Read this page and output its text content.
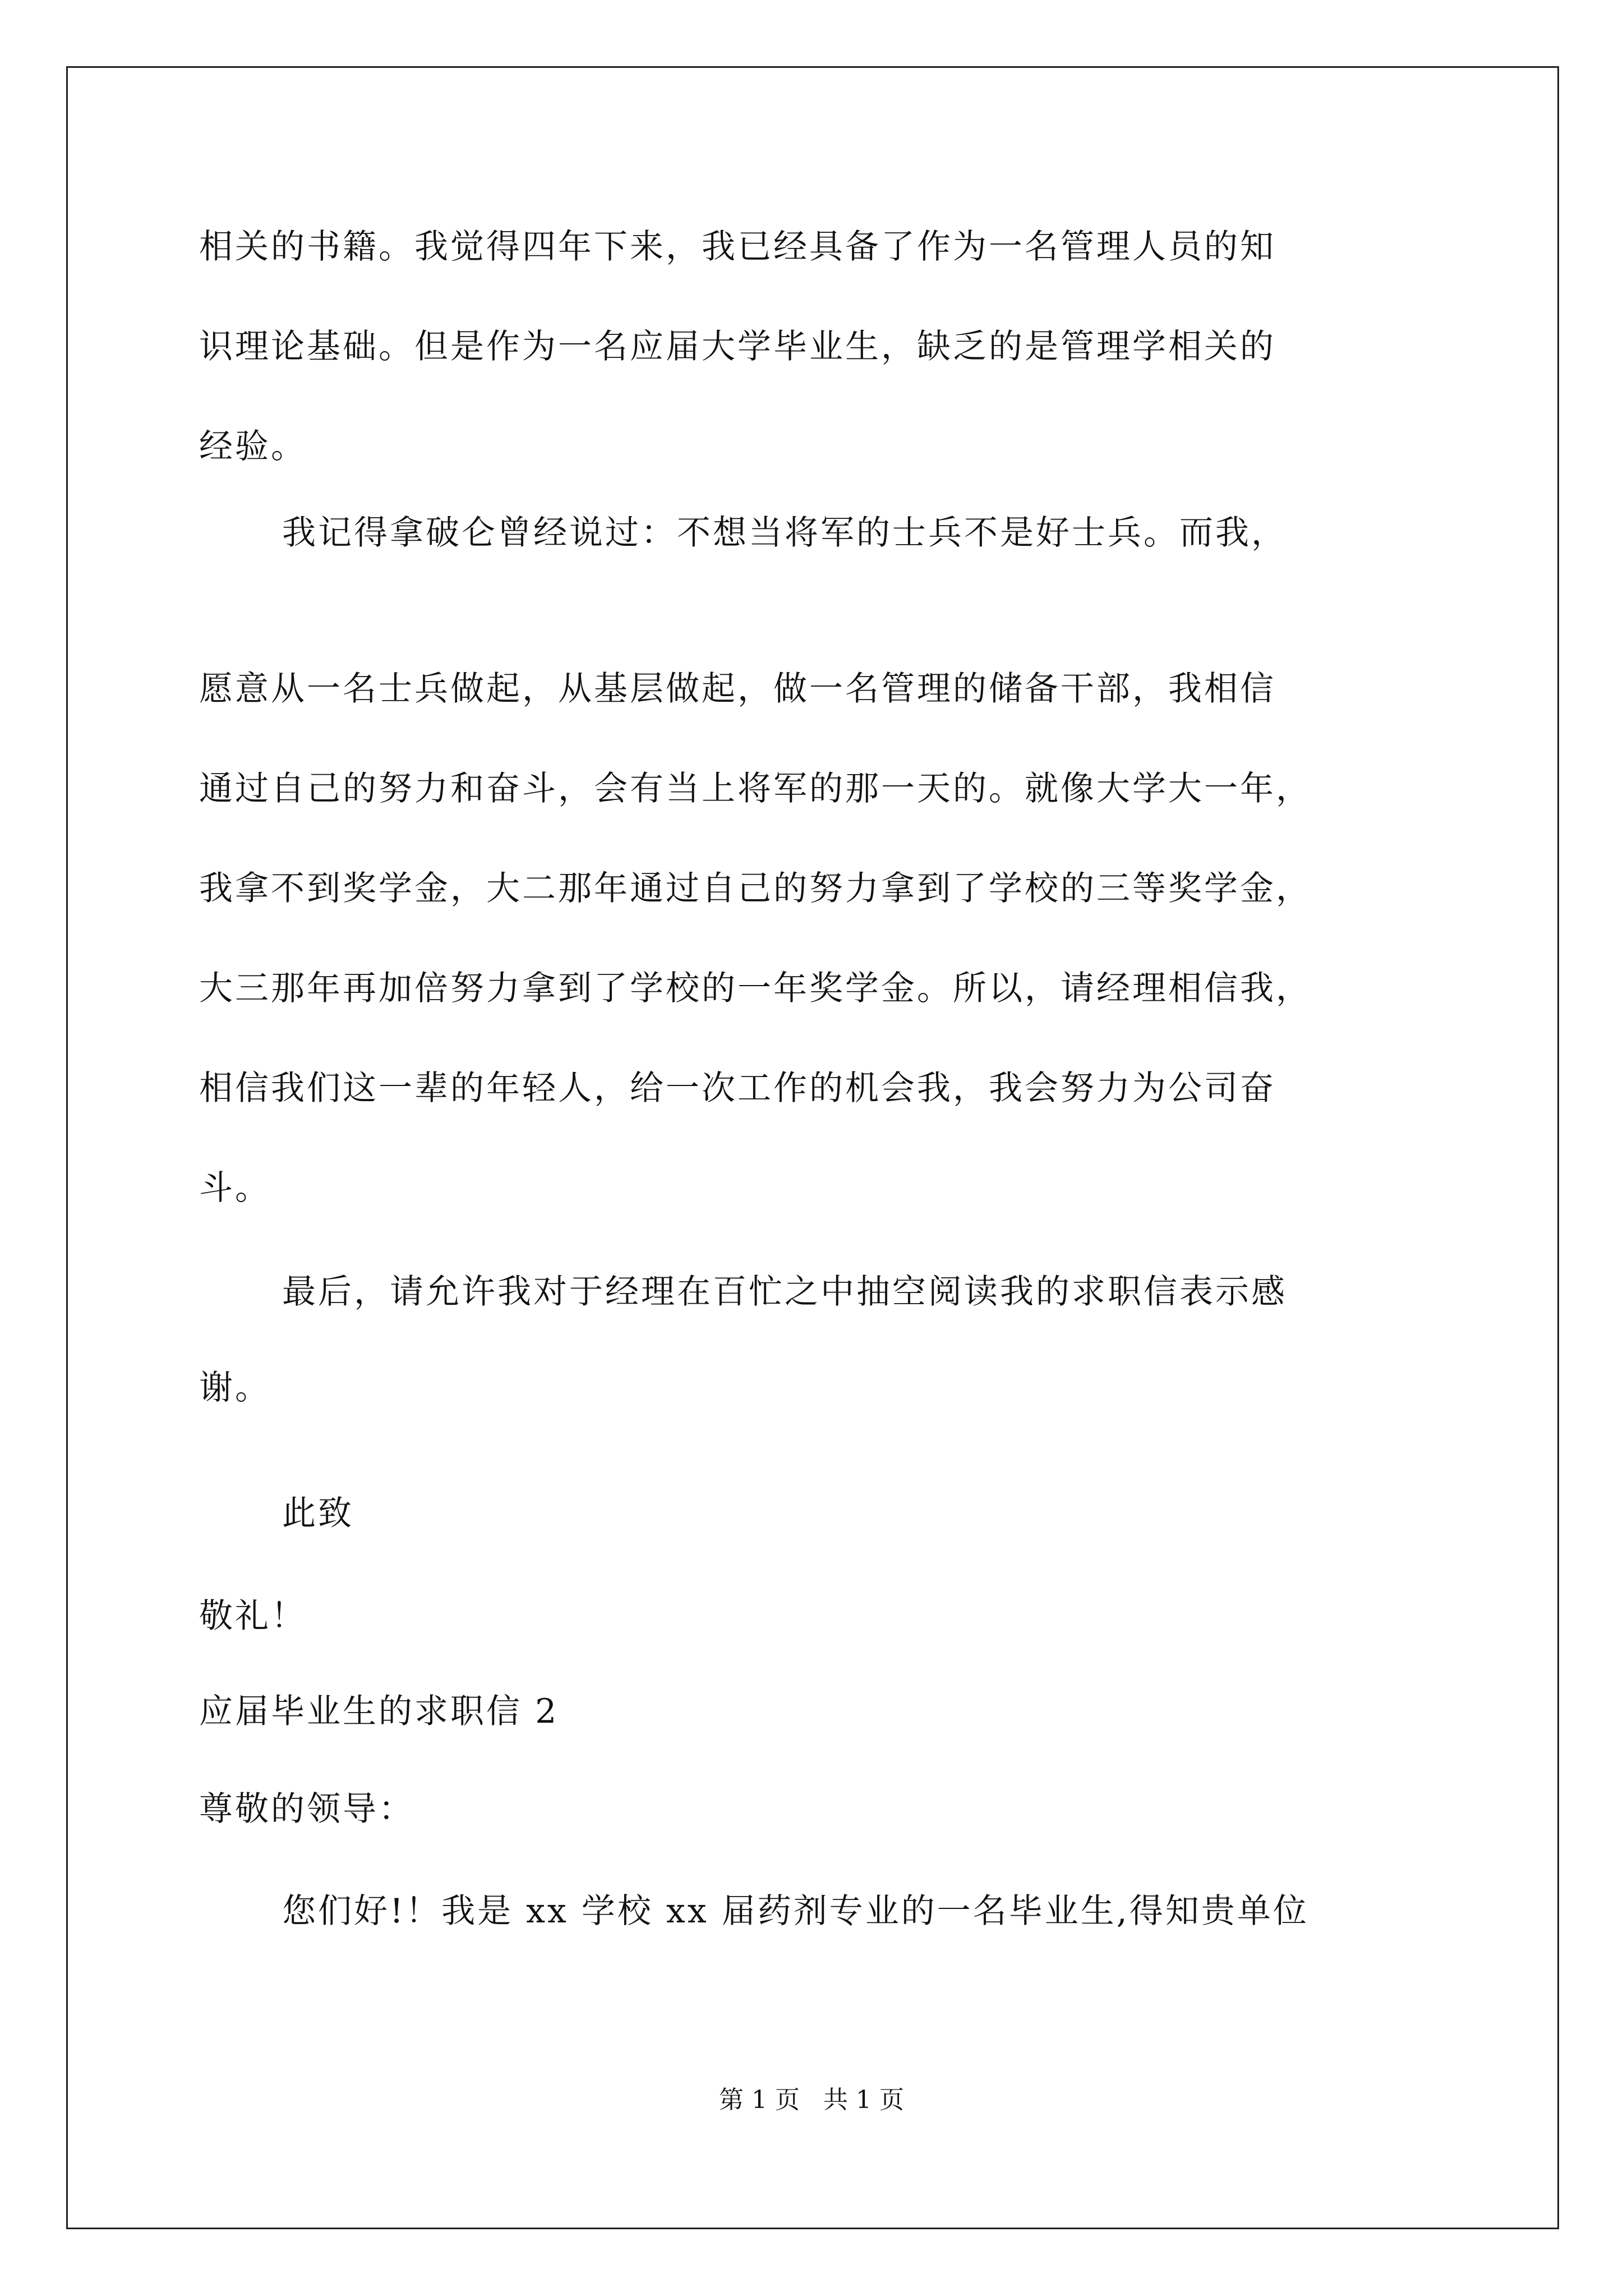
相关的书籍。我觉得四年下来，我已经具备了作为一名管理人员的知
识理论基础。但是作为一名应届大学毕业生，缺乏的是管理学相关的
经验。
我记得拿破仑曾经说过：不想当将军的士兵不是好士兵。而我，
愿意从一名士兵做起，从基层做起，做一名管理的储备干部，我相信
通过自己的努力和奋斗，会有当上将军的那一天的。就像大学大一年，
我拿不到奖学金，大二那年通过自己的努力拿到了学校的三等奖学金，
大三那年再加倍努力拿到了学校的一年奖学金。所以，请经理相信我，
相信我们这一辈的年轻人，给一次工作的机会我，我会努力为公司奋
斗。
最后，请允许我对于经理在百忙之中抽空阅读我的求职信表示感
谢。
此致
敬礼！
应届毕业生的求职信 2
尊敬的领导：
您们好!！我是 xx 学校 xx 届药剂专业的一名毕业生,得知贵单位
第 1 页   共 1 页
